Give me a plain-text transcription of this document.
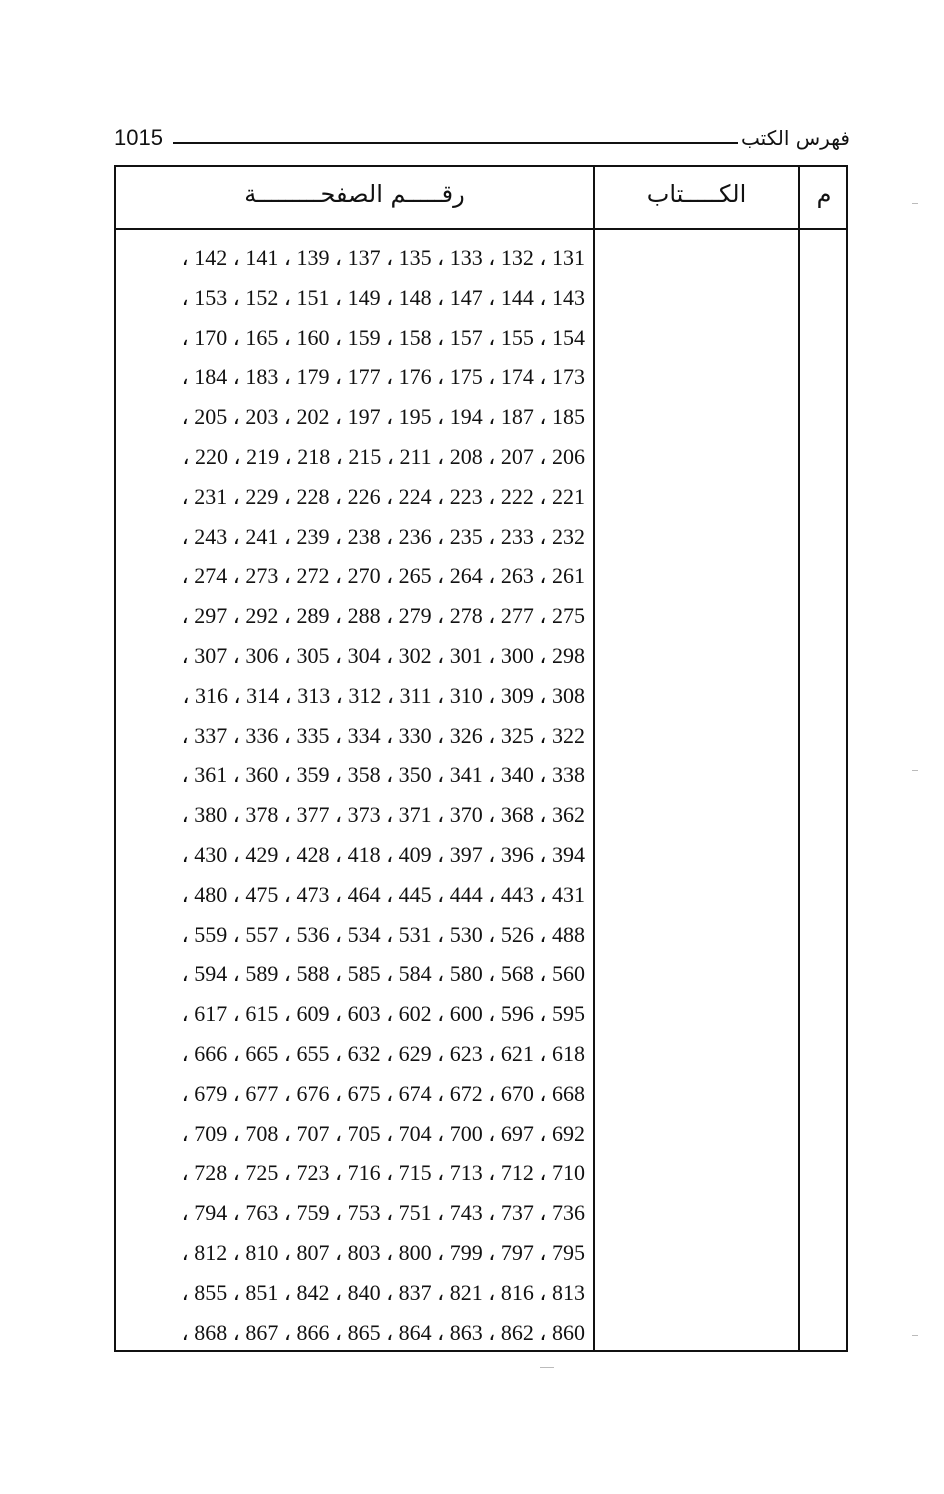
1015	فهرس الكتب
رقـــــم الصفحـــــــــة	الكـــــتاب	م
131 ، 132 ، 133 ، 135 ، 137 ، 139 ، 141 ، 142 ،
143 ، 144 ، 147 ، 148 ، 149 ، 151 ، 152 ، 153 ،
154 ، 155 ، 157 ، 158 ، 159 ، 160 ، 165 ، 170 ،
173 ، 174 ، 175 ، 176 ، 177 ، 179 ، 183 ، 184 ،
185 ، 187 ، 194 ، 195 ، 197 ، 202 ، 203 ، 205 ،
206 ، 207 ، 208 ، 211 ، 215 ، 218 ، 219 ، 220 ،
221 ، 222 ، 223 ، 224 ، 226 ، 228 ، 229 ، 231 ،
232 ، 233 ، 235 ، 236 ، 238 ، 239 ، 241 ، 243 ،
261 ، 263 ، 264 ، 265 ، 270 ، 272 ، 273 ، 274 ،
275 ، 277 ، 278 ، 279 ، 288 ، 289 ، 292 ، 297 ،
298 ، 300 ، 301 ، 302 ، 304 ، 305 ، 306 ، 307 ،
308 ، 309 ، 310 ، 311 ، 312 ، 313 ، 314 ، 316 ،
322 ، 325 ، 326 ، 330 ، 334 ، 335 ، 336 ، 337 ،
338 ، 340 ، 341 ، 350 ، 358 ، 359 ، 360 ، 361 ،
362 ، 368 ، 370 ، 371 ، 373 ، 377 ، 378 ، 380 ،
394 ، 396 ، 397 ، 409 ، 418 ، 428 ، 429 ، 430 ،
431 ، 443 ، 444 ، 445 ، 464 ، 473 ، 475 ، 480 ،
488 ، 526 ، 530 ، 531 ، 534 ، 536 ، 557 ، 559 ،
560 ، 568 ، 580 ، 584 ، 585 ، 588 ، 589 ، 594 ،
595 ، 596 ، 600 ، 602 ، 603 ، 609 ، 615 ، 617 ،
618 ، 621 ، 623 ، 629 ، 632 ، 655 ، 665 ، 666 ،
668 ، 670 ، 672 ، 674 ، 675 ، 676 ، 677 ، 679 ،
692 ، 697 ، 700 ، 704 ، 705 ، 707 ، 708 ، 709 ،
710 ، 712 ، 713 ، 715 ، 716 ، 723 ، 725 ، 728 ،
736 ، 737 ، 743 ، 751 ، 753 ، 759 ، 763 ، 794 ،
795 ، 797 ، 799 ، 800 ، 803 ، 807 ، 810 ، 812 ،
813 ، 816 ، 821 ، 837 ، 840 ، 842 ، 851 ، 855 ،
860 ، 862 ، 863 ، 864 ، 865 ، 866 ، 867 ، 868 ،
